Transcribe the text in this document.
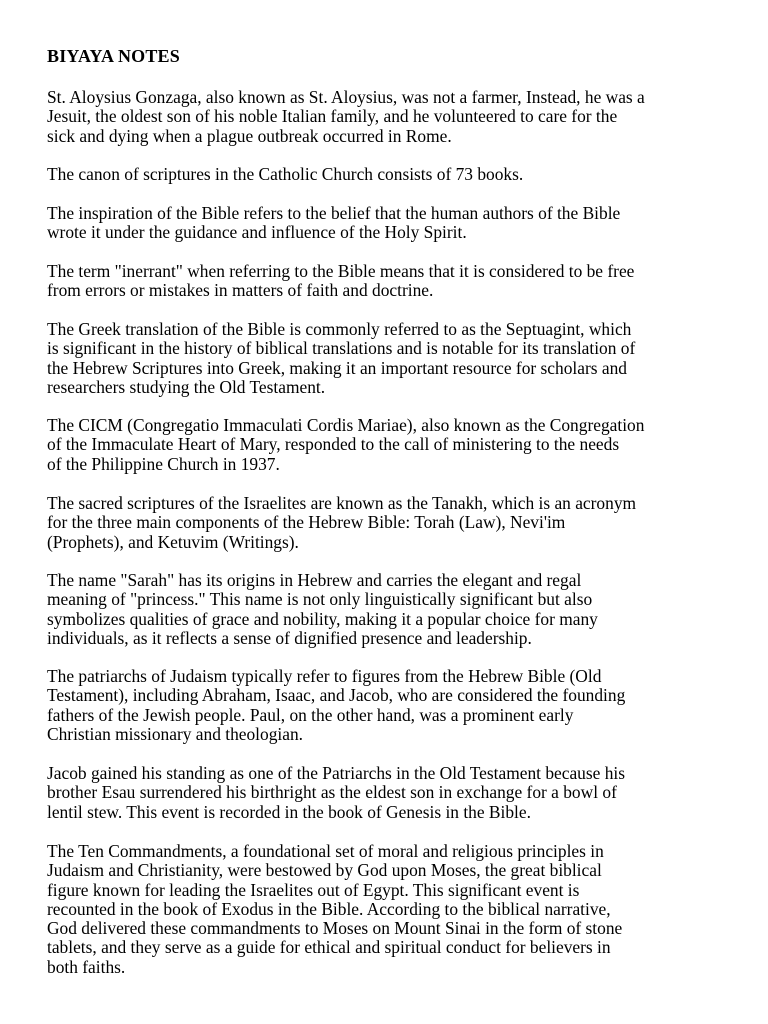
BIYAYA NOTES

St. Aloysius Gonzaga, also known as St. Aloysius, was not a farmer, Instead, he was a
Jesuit, the oldest son of his noble Italian family, and he volunteered to care for the
sick and dying when a plague outbreak occurred in Rome.

The canon of scriptures in the Catholic Church consists of 73 books.

The inspiration of the Bible refers to the belief that the human authors of the Bible
wrote it under the guidance and influence of the Holy Spirit.

The term "inerrant" when referring to the Bible means that it is considered to be free
from errors or mistakes in matters of faith and doctrine.

The Greek translation of the Bible is commonly referred to as the Septuagint, which
is significant in the history of biblical translations and is notable for its translation of
the Hebrew Scriptures into Greek, making it an important resource for scholars and
researchers studying the Old Testament.

The CICM (Congregatio Immaculati Cordis Mariae), also known as the Congregation
of the Immaculate Heart of Mary, responded to the call of ministering to the needs
of the Philippine Church in 1937.

The sacred scriptures of the Israelites are known as the Tanakh, which is an acronym
for the three main components of the Hebrew Bible: Torah (Law), Nevi'im
(Prophets), and Ketuvim (Writings).

The name "Sarah" has its origins in Hebrew and carries the elegant and regal
meaning of "princess." This name is not only linguistically significant but also
symbolizes qualities of grace and nobility, making it a popular choice for many
individuals, as it reflects a sense of dignified presence and leadership.

The patriarchs of Judaism typically refer to figures from the Hebrew Bible (Old
Testament), including Abraham, Isaac, and Jacob, who are considered the founding
fathers of the Jewish people. Paul, on the other hand, was a prominent early
Christian missionary and theologian.

Jacob gained his standing as one of the Patriarchs in the Old Testament because his
brother Esau surrendered his birthright as the eldest son in exchange for a bowl of
lentil stew. This event is recorded in the book of Genesis in the Bible.

The Ten Commandments, a foundational set of moral and religious principles in
Judaism and Christianity, were bestowed by God upon Moses, the great biblical
figure known for leading the Israelites out of Egypt. This significant event is
recounted in the book of Exodus in the Bible. According to the biblical narrative,
God delivered these commandments to Moses on Mount Sinai in the form of stone
tablets, and they serve as a guide for ethical and spiritual conduct for believers in
both faiths.
